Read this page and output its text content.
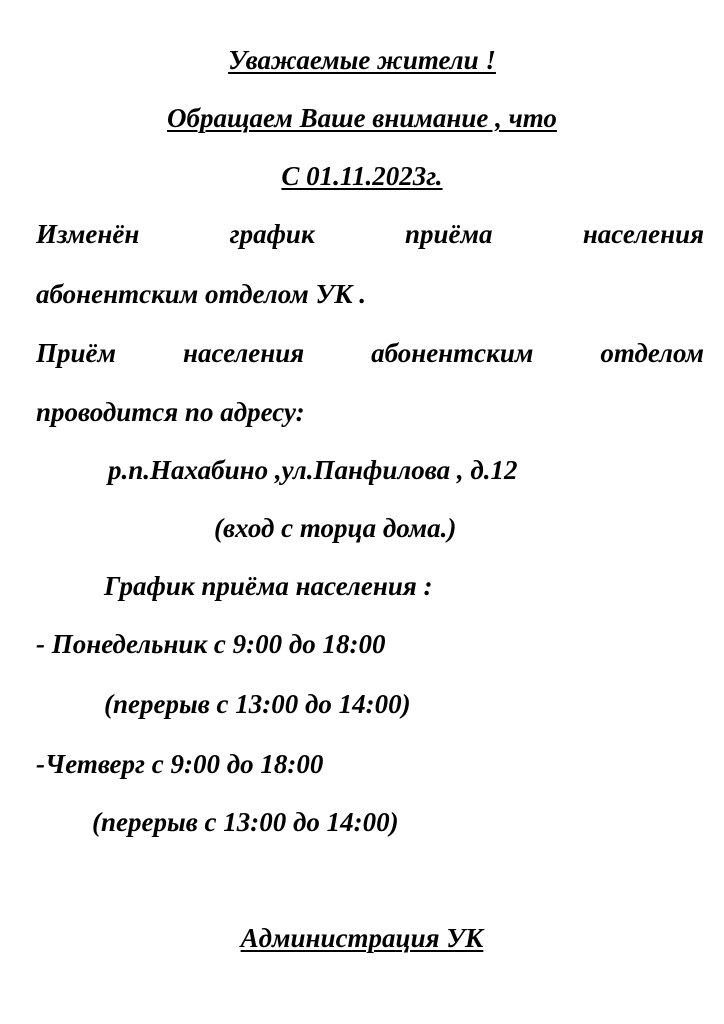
Уважаемые жители !

Обращаем Ваше внимание , что

С 01.11.2023г.

Изменён	график	приёма	населения

абонентским отделом УК .

Приём населения абонентским отделом

проводится по адресу:

р.п.Нахабино ,ул.Панфилова , д.12

(вход с торца дома.)

График приёма населения :

- Понедельник с 9:00 до 18:00

(перерыв с 13:00 до 14:00)

-Четверг с 9:00 до 18:00

(перерыв с 13:00 до 14:00)

Администрация УК
